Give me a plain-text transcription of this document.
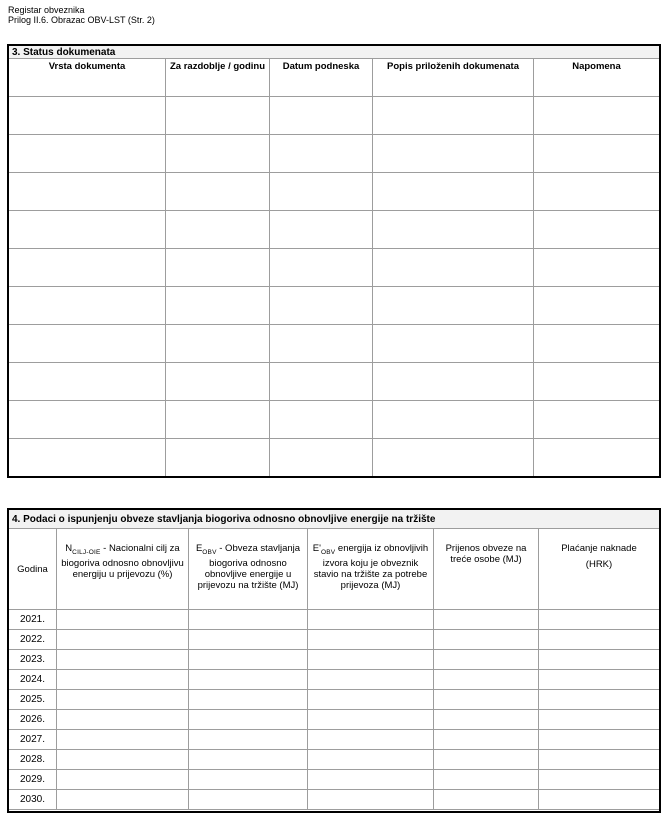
Registar obveznika
Prilog II.6. Obrazac OBV-LST (Str. 2)
3. Status dokumenata
Vrsta dokumenta	Za razdoblje / godinu	Datum podneska	Popis priloženih dokumenata	Napomena

4. Podaci o ispunjenju obveze stavljanja biogoriva odnosno obnovljive energije na tržište
Godina	$N_{CILJ-OIE}$ - Nacionalni cilj za biogoriva odnosno obnovljivu energiju u prijevozu (%)	$E_{OBV}$ - Obveza stavljanja biogoriva odnosno obnovljive energije u prijevozu na tržište (MJ)	$E'_{OBV}$ energija iz obnovljivih izvora koju je obveznik stavio na tržište za potrebe prijevoza (MJ)	Prijenos obveze na treće osobe (MJ)	Plaćanje naknade
(HRK)

2021.					
2022.					
2023.					
2024.					
2025.					
2026.					
2027.					
2028.					
2029.					
2030.					
